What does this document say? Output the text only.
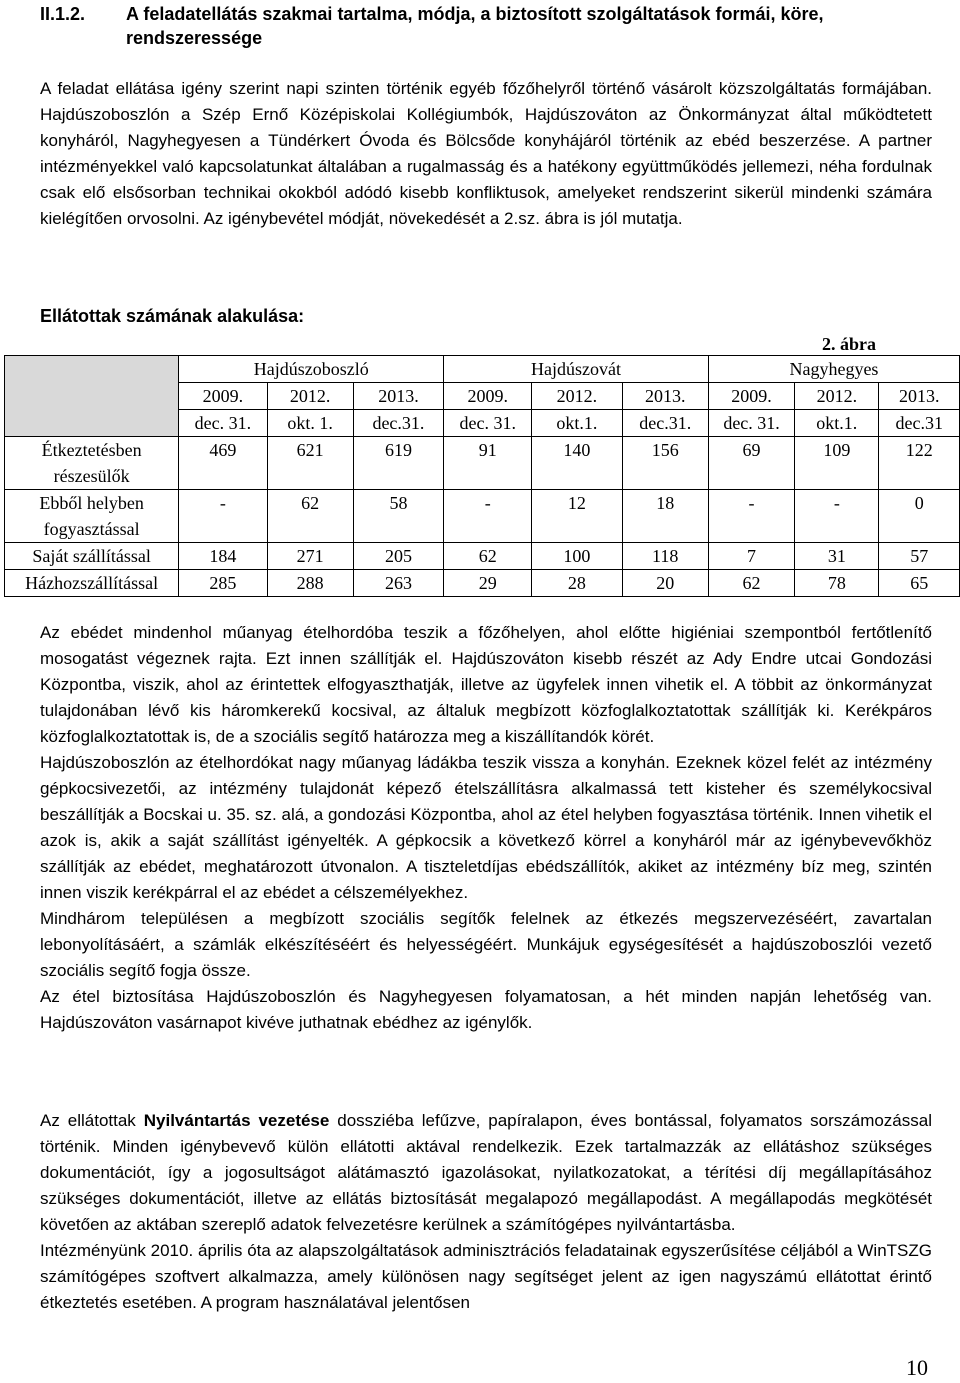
II.1.2. A feladatellátás szakmai tartalma, módja, a biztosított szolgáltatások formái, köre,
rendszeressége
A feladat ellátása igény szerint napi szinten történik egyéb főzőhelyről történő vásárolt közszolgáltatás formájában. Hajdúszoboszlón a Szép Ernő Középiskolai Kollégiumbók, Hajdúszováton az Önkormányzat által működtetett konyháról, Nagyhegyesen a Tündérkert Óvoda és Bölcsőde konyhájáról történik az ebéd beszerzése. A partner intézményekkel való kapcsolatunkat általában a rugalmasság és a hatékony együttműködés jellemezi, néha fordulnak csak elő elsősorban technikai okokból adódó kisebb konfliktusok, amelyeket rendszerint sikerül mindenki számára kielégítően orvosolni. Az igénybevétel módját, növekedését a 2.sz. ábra is jól mutatja.
Ellátottak számának alakulása:
2. ábra
	Hajdúszoboszló			Hajdúszovát			Nagyhegyes		
	2009.	2012.	2013.	2009.	2012.	2013.	2009.	2012.	2013.
	dec. 31.	okt. 1.	dec.31.	dec. 31.	okt.1.	dec.31.	dec. 31.	okt.1.	dec.31

Étkeztetésben
részesülők	469	621	619	91	140	156	69	109	122

Ebből helyben
fogyasztással	-	62	58	-	12	18	-	-	0
Saját szállítással	184	271	205	62	100	118	7	31	57
Házhozszállítással	285	288	263	29	28	20	62	78	65

Az ebédet mindenhol műanyag ételhordóba teszik a főzőhelyen, ahol előtte higiéniai szempontból fertőtlenítő mosogatást végeznek rajta. Ezt innen szállítják el. Hajdúszováton kisebb részét az Ady Endre utcai Gondozási Központba, viszik, ahol az érintettek elfogyaszthatják, illetve az ügyfelek innen vihetik el. A többit az önkormányzat tulajdonában lévő kis háromkerekű kocsival, az általuk megbízott közfoglalkoztatottak szállítják ki. Kerékpáros közfoglalkoztatottak is, de a szociális segítő határozza meg a kiszállítandók körét.

Hajdúszoboszlón az ételhordókat nagy műanyag ládákba teszik vissza a konyhán. Ezeknek közel felét az intézmény gépkocsivezetői, az intézmény tulajdonát képező ételszállításra alkalmassá tett kisteher és személykocsival beszállítják a Bocskai u. 35. sz. alá, a gondozási Központba, ahol az étel helyben fogyasztása történik. Innen vihetik el azok is, akik a saját szállítást igényelték. A gépkocsik a következő körrel a konyháról már az igénybevevőkhöz szállítják az ebédet, meghatározott útvonalon. A tiszteletdíjas ebédszállítók, akiket az intézmény bíz meg, szintén innen viszik kerékpárral el az ebédet a célszemélyekhez.

Mindhárom településen a megbízott szociális segítők felelnek az étkezés megszervezéséért, zavartalan lebonyolításáért, a számlák elkészítéséért és helyességéért. Munkájuk egységesítését a hajdúszoboszlói vezető szociális segítő fogja össze.

Az étel biztosítása Hajdúszoboszlón és Nagyhegyesen folyamatosan, a hét minden napján lehetőség van. Hajdúszováton vasárnapot kivéve juthatnak ebédhez az igénylők.

Az ellátottak Nyilvántartás vezetése dossziéba lefűzve, papíralapon, éves bontással, folyamatos sorszámozással történik. Minden igénybevevő külön ellátotti aktával rendelkezik. Ezek tartalmazzák az ellátáshoz szükséges dokumentációt, így a jogosultságot alátámasztó igazolásokat, nyilatkozatokat, a térítési díj megállapításához szükséges dokumentációt, illetve az ellátás biztosítását megalapozó megállapodást. A megállapodás megkötését követően az aktában szereplő adatok felvezetésre kerülnek a számítógépes nyilvántartásba.

Intézményünk 2010. április óta az alapszolgáltatások adminisztrációs feladatainak egyszerűsítése céljából a WinTSZG számítógépes szoftvert alkalmazza, amely különösen nagy segítséget jelent az igen nagyszámú ellátottat érintő étkeztetés esetében. A program használatával jelentősen

10
